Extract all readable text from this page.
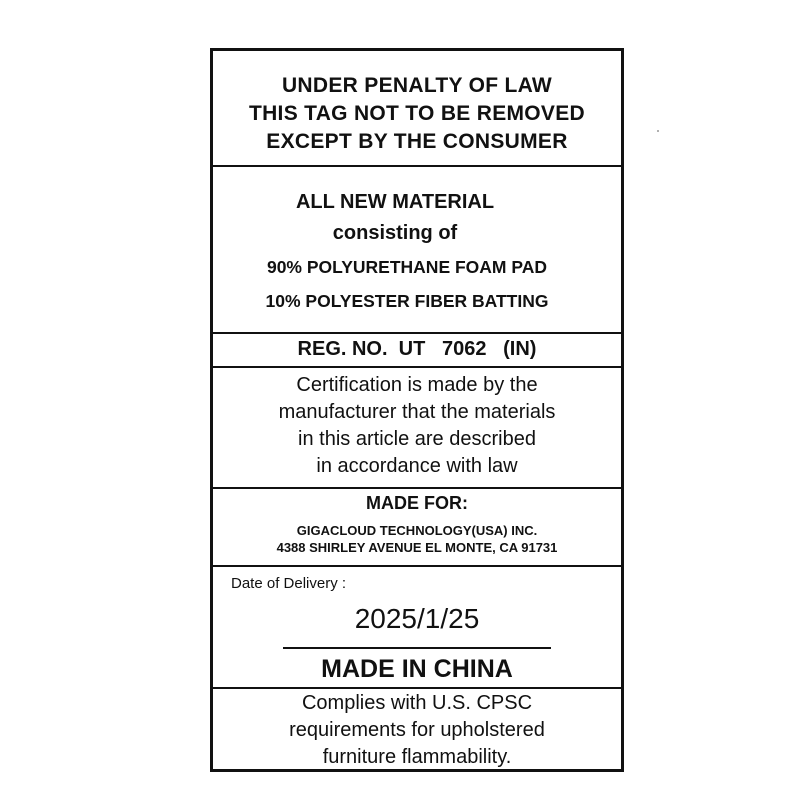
UNDER PENALTY OF LAW
THIS TAG NOT TO BE REMOVED
EXCEPT BY THE CONSUMER
ALL NEW MATERIAL
consisting of
90% POLYURETHANE FOAM PAD
10% POLYESTER FIBER BATTING
REG. NO.  UT   7062   (IN)
Certification is made by the
manufacturer that the materials
in this article are described
in accordance with law
MADE FOR:
GIGACLOUD TECHNOLOGY(USA) INC.
4388 SHIRLEY AVENUE EL MONTE, CA 91731
Date of Delivery :
2025/1/25
MADE IN CHINA
Complies with U.S. CPSC
requirements for upholstered
furniture flammability.
